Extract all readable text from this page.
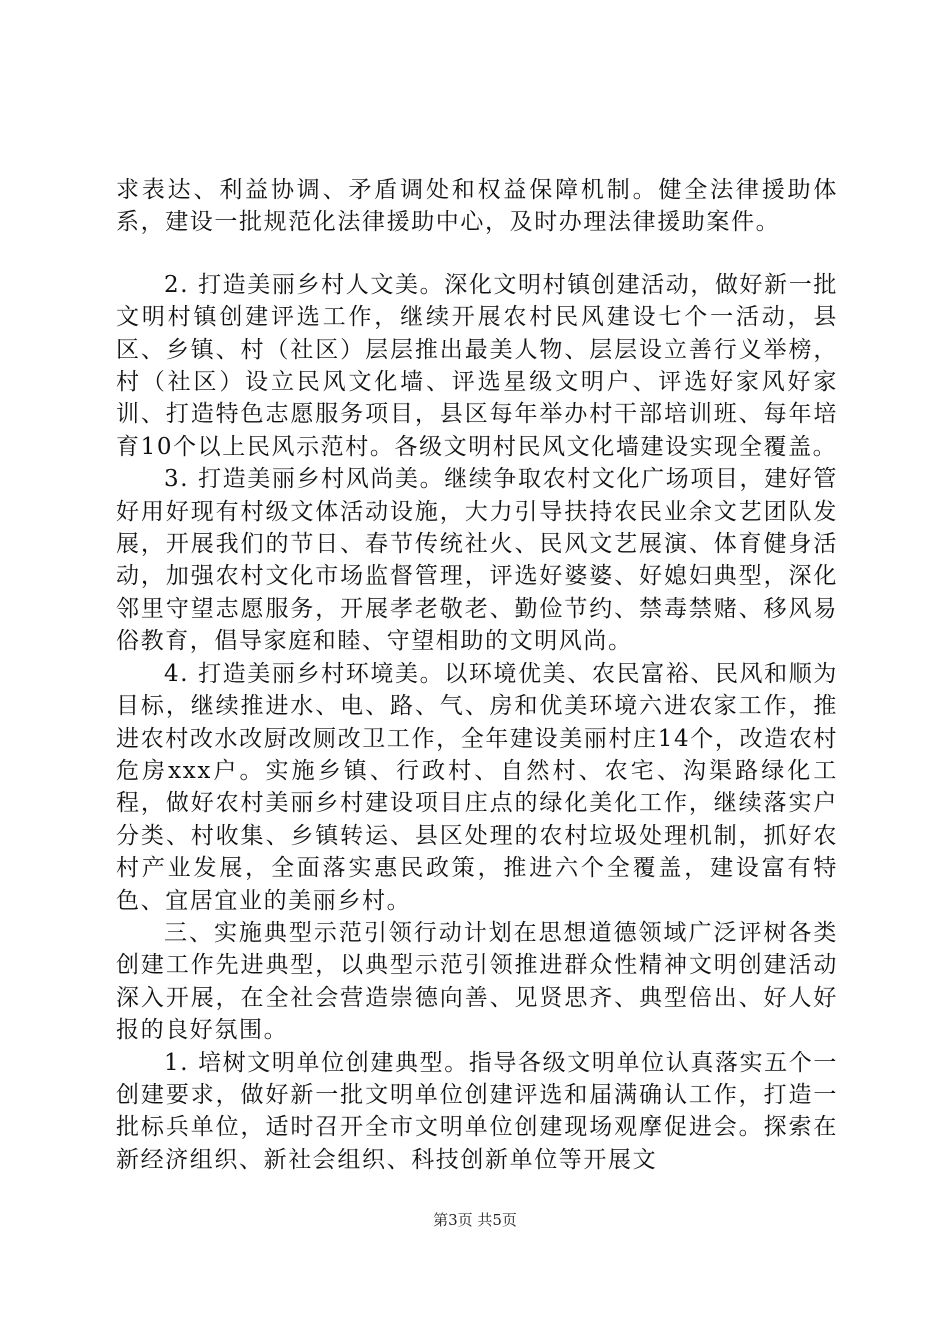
求表达、利益协调、矛盾调处和权益保障机制。健全法律援助体系，建设一批规范化法律援助中心，及时办理法律援助案件。

2. 打造美丽乡村人文美。深化文明村镇创建活动，做好新一批文明村镇创建评选工作，继续开展农村民风建设七个一活动，县区、乡镇、村（社区）层层推出最美人物、层层设立善行义举榜，村（社区）设立民风文化墙、评选星级文明户、评选好家风好家训、打造特色志愿服务项目，县区每年举办村干部培训班、每年培育10个以上民风示范村。各级文明村民风文化墙建设实现全覆盖。

3. 打造美丽乡村风尚美。继续争取农村文化广场项目，建好管好用好现有村级文体活动设施，大力引导扶持农民业余文艺团队发展，开展我们的节日、春节传统社火、民风文艺展演、体育健身活动，加强农村文化市场监督管理，评选好婆婆、好媳妇典型，深化邻里守望志愿服务，开展孝老敬老、勤俭节约、禁毒禁赌、移风易俗教育，倡导家庭和睦、守望相助的文明风尚。

4. 打造美丽乡村环境美。以环境优美、农民富裕、民风和顺为目标，继续推进水、电、路、气、房和优美环境六进农家工作，推进农村改水改厨改厕改卫工作，全年建设美丽村庄14个，改造农村危房xxx户。实施乡镇、行政村、自然村、农宅、沟渠路绿化工程，做好农村美丽乡村建设项目庄点的绿化美化工作，继续落实户分类、村收集、乡镇转运、县区处理的农村垃圾处理机制，抓好农村产业发展，全面落实惠民政策，推进六个全覆盖，建设富有特色、宜居宜业的美丽乡村。

三、实施典型示范引领行动计划在思想道德领域广泛评树各类创建工作先进典型，以典型示范引领推进群众性精神文明创建活动深入开展，在全社会营造崇德向善、见贤思齐、典型倍出、好人好报的良好氛围。

1. 培树文明单位创建典型。指导各级文明单位认真落实五个一创建要求，做好新一批文明单位创建评选和届满确认工作，打造一批标兵单位，适时召开全市文明单位创建现场观摩促进会。探索在新经济组织、新社会组织、科技创新单位等开展文

第3页 共5页
